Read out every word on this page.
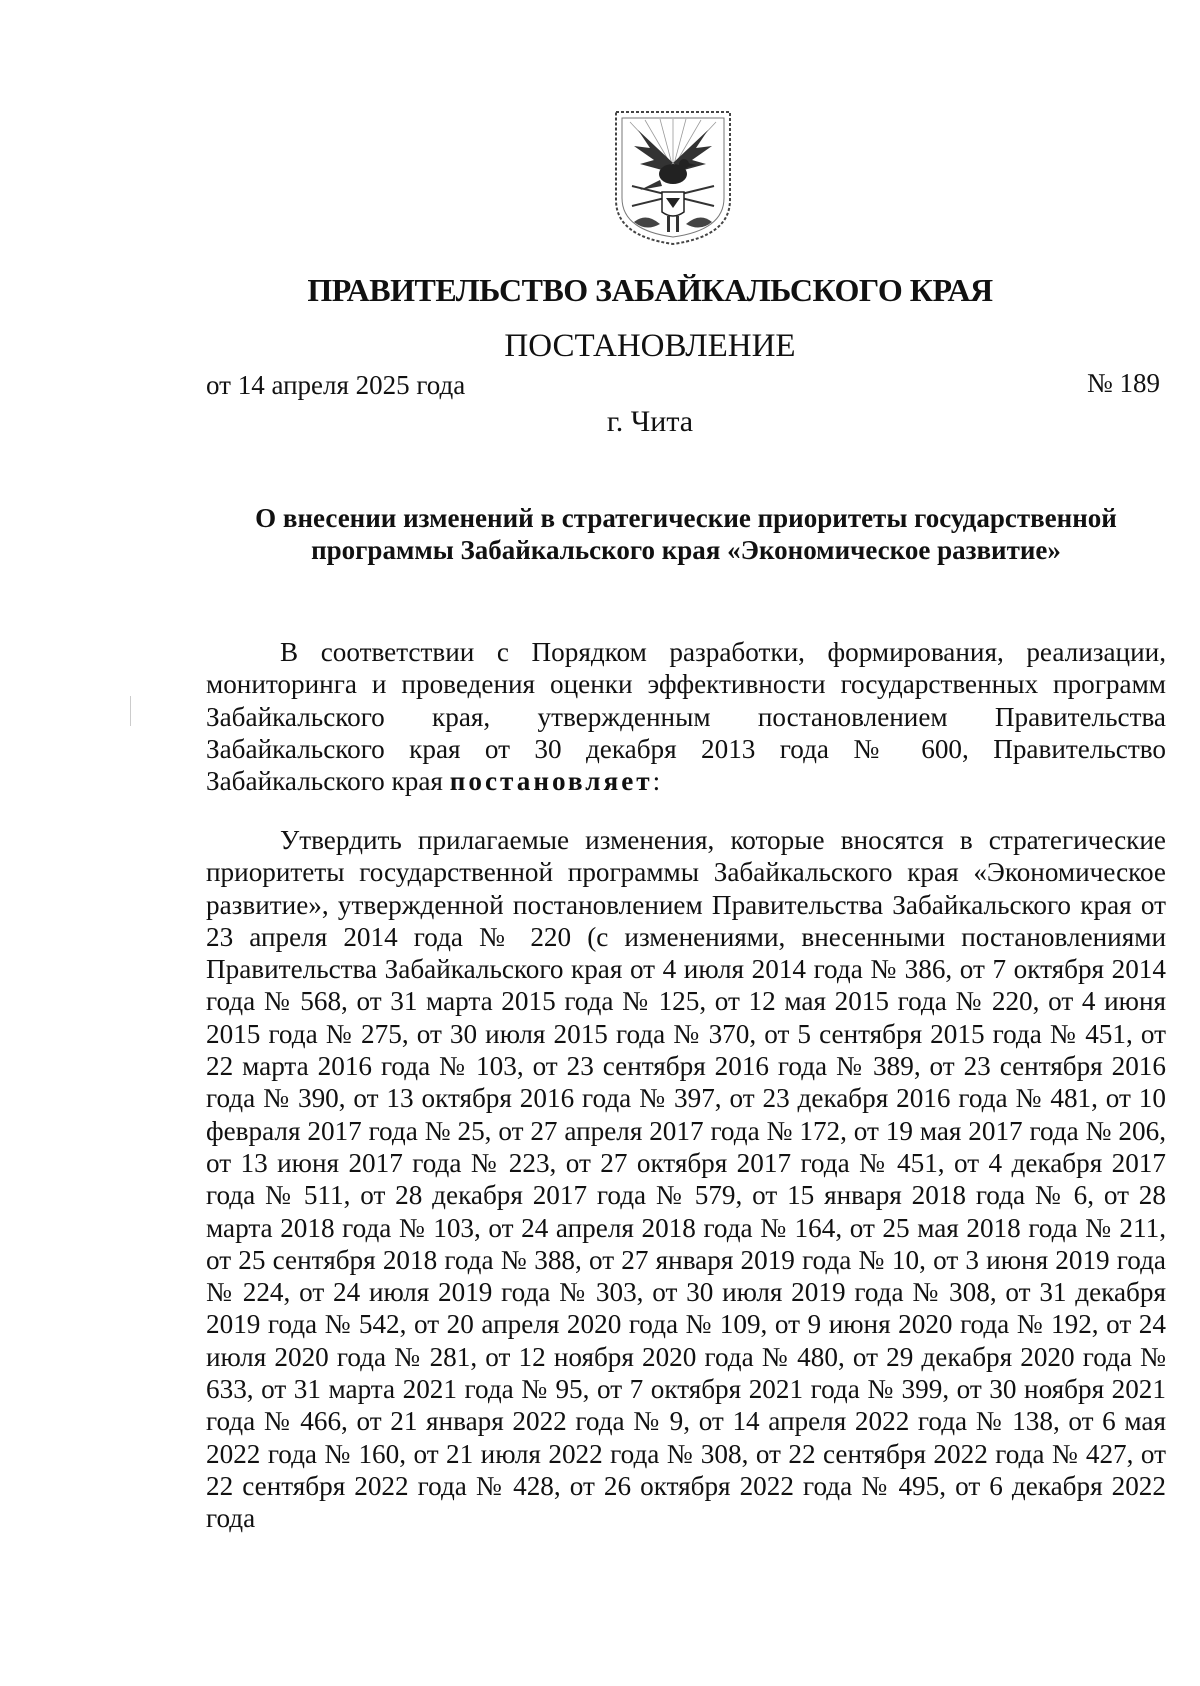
ПРАВИТЕЛЬСТВО ЗАБАЙКАЛЬСКОГО КРАЯ
ПОСТАНОВЛЕНИЕ
от 14 апреля 2025 года	№ 189
г. Чита
О внесении изменений в стратегические приоритеты государственной программы Забайкальского края «Экономическое развитие»

В соответствии с Порядком разработки, формирования, реализации, мониторинга и проведения оценки эффективности государственных программ Забайкальского края, утвержденным постановлением Правительства Забайкальского края от 30 декабря 2013 года № 600, Правительство Забайкальского края постановляет:

Утвердить прилагаемые изменения, которые вносятся в стратегические приоритеты государственной программы Забайкальского края «Экономическое развитие», утвержденной постановлением Правительства Забайкальского края от 23 апреля 2014 года № 220 (с изменениями, внесенными постановлениями Правительства Забайкальского края от 4 июля 2014 года № 386, от 7 октября 2014 года № 568, от 31 марта 2015 года № 125, от 12 мая 2015 года № 220, от 4 июня 2015 года № 275, от 30 июля 2015 года № 370, от 5 сентября 2015 года № 451, от 22 марта 2016 года № 103, от 23 сентября 2016 года № 389, от 23 сентября 2016 года № 390, от 13 октября 2016 года № 397, от 23 декабря 2016 года № 481, от 10 февраля 2017 года № 25, от 27 апреля 2017 года № 172, от 19 мая 2017 года № 206, от 13 июня 2017 года № 223, от 27 октября 2017 года № 451, от 4 декабря 2017 года № 511, от 28 декабря 2017 года № 579, от 15 января 2018 года № 6, от 28 марта 2018 года № 103, от 24 апреля 2018 года № 164, от 25 мая 2018 года № 211, от 25 сентября 2018 года № 388, от 27 января 2019 года № 10, от 3 июня 2019 года № 224, от 24 июля 2019 года № 303, от 30 июля 2019 года № 308, от 31 декабря 2019 года № 542, от 20 апреля 2020 года № 109, от 9 июня 2020 года № 192, от 24 июля 2020 года № 281, от 12 ноября 2020 года № 480, от 29 декабря 2020 года № 633, от 31 марта 2021 года № 95, от 7 октября 2021 года № 399, от 30 ноября 2021 года № 466, от 21 января 2022 года № 9, от 14 апреля 2022 года № 138, от 6 мая 2022 года № 160, от 21 июля 2022 года № 308, от 22 сентября 2022 года № 427, от 22 сентября 2022 года № 428, от 26 октября 2022 года № 495, от 6 декабря 2022 года
